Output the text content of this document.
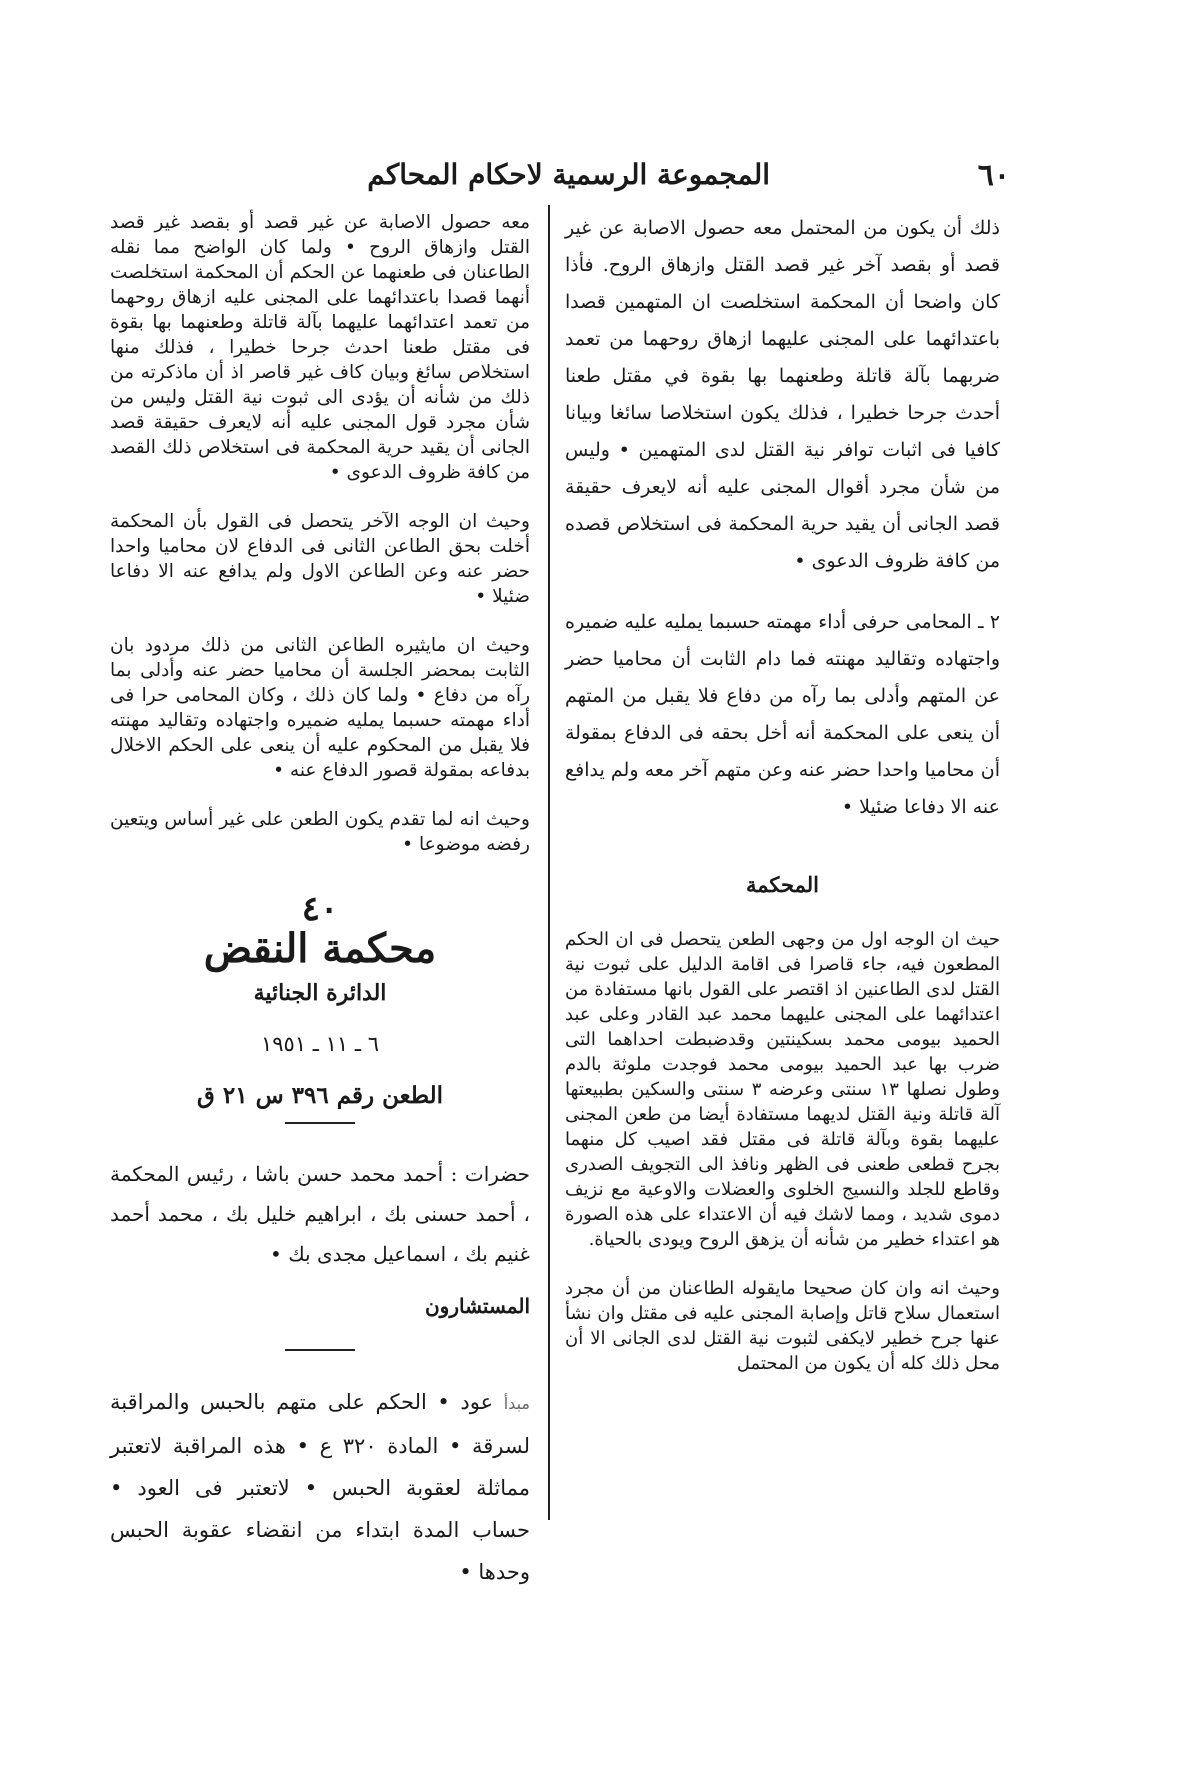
٦٠
المجموعة الرسمية لاحكام المحاكم

ذلك أن يكون من المحتمل معه حصول الاصابة عن غير قصد أو بقصد آخر غير قصد القتل وازهاق الروح. فأذا كان واضحا أن المحكمة استخلصت ان المتهمين قصدا باعتدائهما على المجنى عليهما ازهاق روحهما من تعمد ضربهما بآلة قاتلة وطعنهما بها بقوة في مقتل طعنا أحدث جرحا خطيرا ، فذلك يكون استخلاصا سائغا وبيانا كافيا فى اثبات توافر نية القتل لدى المتهمين • وليس من شأن مجرد أقوال المجنى عليه أنه لايعرف حقيقة قصد الجانى أن يقيد حرية المحكمة فى استخلاص قصده من كافة ظروف الدعوى •

٢ ـ المحامى حرفى أداء مهمته حسبما يمليه عليه ضميره واجتهاده وتقاليد مهنته فما دام الثابت أن محاميا حضر عن المتهم وأدلى بما رآه من دفاع فلا يقبل من المتهم أن ينعى على المحكمة أنه أخل بحقه فى الدفاع بمقولة أن محاميا واحدا حضر عنه وعن متهم آخر معه ولم يدافع عنه الا دفاعا ضئيلا •

المحكمة

حيث ان الوجه اول من وجهى الطعن يتحصل فى ان الحكم المطعون فيه، جاء قاصرا فى اقامة الدليل على ثبوت نية القتل لدى الطاعنين اذ اقتصر على القول بانها مستفادة من اعتدائهما على المجنى عليهما محمد عبد القادر وعلى عبد الحميد بيومى محمد بسكينتين وقدضبطت احداهما التى ضرب بها عبد الحميد بيومى محمد فوجدت ملوثة بالدم وطول نصلها ١٣ سنتى وعرضه ٣ سنتى والسكين بطبيعتها آلة قاتلة ونية القتل لديهما مستفادة أيضا من طعن المجنى عليهما بقوة وبآلة قاتلة فى مقتل فقد اصيب كل منهما بجرح قطعى طعنى فى الظهر ونافذ الى التجويف الصدرى وقاطع للجلد والنسيج الخلوى والعضلات والاوعية مع نزيف دموى شديد ، ومما لاشك فيه أن الاعتداء على هذه الصورة هو اعتداء خطير من شأنه أن يزهق الروح ويودى بالحياة.

وحيث انه وان كان صحيحا مايقوله الطاعنان من أن مجرد استعمال سلاح قاتل وإصابة المجنى عليه فى مقتل وان نشأ عنها جرح خطير لايكفى لثبوت نية القتل لدى الجانى الا أن محل ذلك كله أن يكون من المحتمل

معه حصول الاصابة عن غير قصد أو بقصد غير قصد القتل وازهاق الروح • ولما كان الواضح مما نقله الطاعنان فى طعنهما عن الحكم أن المحكمة استخلصت أنهما قصدا باعتدائهما على المجنى عليه ازهاق روحهما من تعمد اعتدائهما عليهما بآلة قاتلة وطعنهما بها بقوة فى مقتل طعنا احدث جرحا خطيرا ، فذلك منها استخلاص سائغ وبيان كاف غير قاصر اذ أن ماذكرته من ذلك من شأنه أن يؤدى الى ثبوت نية القتل وليس من شأن مجرد قول المجنى عليه أنه لايعرف حقيقة قصد الجانى أن يقيد حرية المحكمة فى استخلاص ذلك القصد من كافة ظروف الدعوى •

وحيث ان الوجه الآخر يتحصل فى القول بأن المحكمة أخلت بحق الطاعن الثانى فى الدفاع لان محاميا واحدا حضر عنه وعن الطاعن الاول ولم يدافع عنه الا دفاعا ضئيلا •

وحيث ان مايثيره الطاعن الثانى من ذلك مردود بان الثابت بمحضر الجلسة أن محاميا حضر عنه وأدلى بما رآه من دفاع • ولما كان ذلك ، وكان المحامى حرا فى أداء مهمته حسبما يمليه ضميره واجتهاده وتقاليد مهنته فلا يقبل من المحكوم عليه أن ينعى على الحكم الاخلال بدفاعه بمقولة قصور الدفاع عنه •

وحيث انه لما تقدم يكون الطعن على غير أساس ويتعين رفضه موضوعا •

٤٠
محكمة النقض
الدائرة الجنائية
٦ ـ ١١ ـ ١٩٥١
الطعن رقم ٣٩٦ س ٢١ ق
حضرات : أحمد محمد حسن باشا ، رئيس المحكمة ، أحمد حسنى بك ، ابراهيم خليل بك ، محمد أحمد غنيم بك ، اسماعيل مجدى بك •
المستشارون
مبدأ عود • الحكم على متهم بالحبس والمراقبة لسرقة • المادة ٣٢٠ ع • هذه المراقبة لاتعتبر مماثلة لعقوبة الحبس • لاتعتبر فى العود • حساب المدة ابتداء من انقضاء عقوبة الحبس وحدها •
